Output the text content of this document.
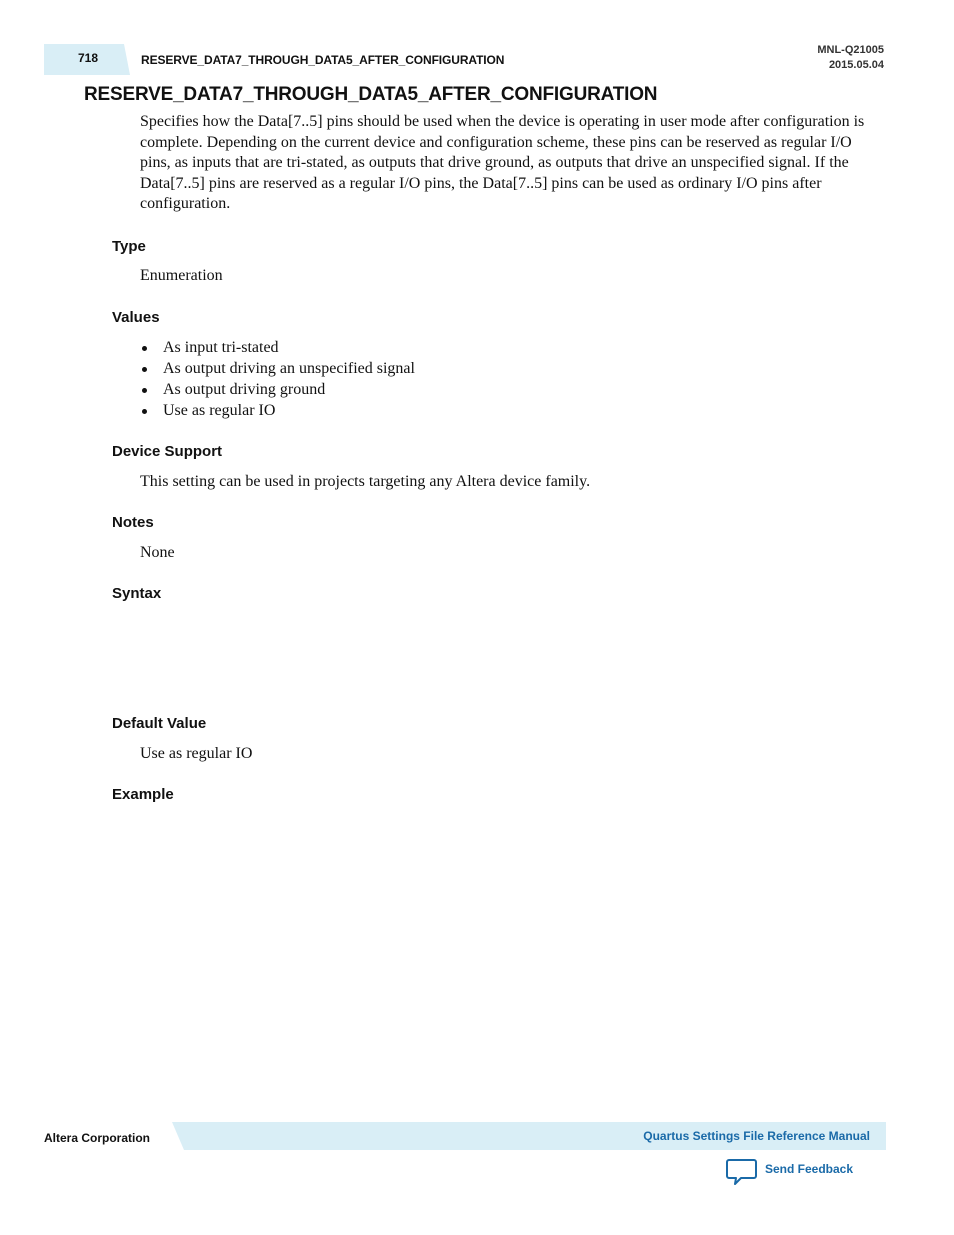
718	RESERVE_DATA7_THROUGH_DATA5_AFTER_CONFIGURATION
MNL-Q21005
2015.05.04
RESERVE_DATA7_THROUGH_DATA5_AFTER_CONFIGURATION

Specifies how the Data[7..5] pins should be used when the device is operating in user mode after configuration is complete. Depending on the current device and configuration scheme, these pins can be reserved as regular I/O pins, as inputs that are tri-stated, as outputs that drive ground, as outputs that drive an unspecified signal. If the Data[7..5] pins are reserved as a regular I/O pins, the Data[7..5] pins can be used as ordinary I/O pins after configuration.

Type

Enumeration

Values
As input tri-stated
As output driving an unspecified signal
As output driving ground
Use as regular IO
Device Support

This setting can be used in projects targeting any Altera device family.

Notes

None

Syntax
Default Value

Use as regular IO

Example
Altera Corporation	Quartus Settings File Reference Manual
Send Feedback
